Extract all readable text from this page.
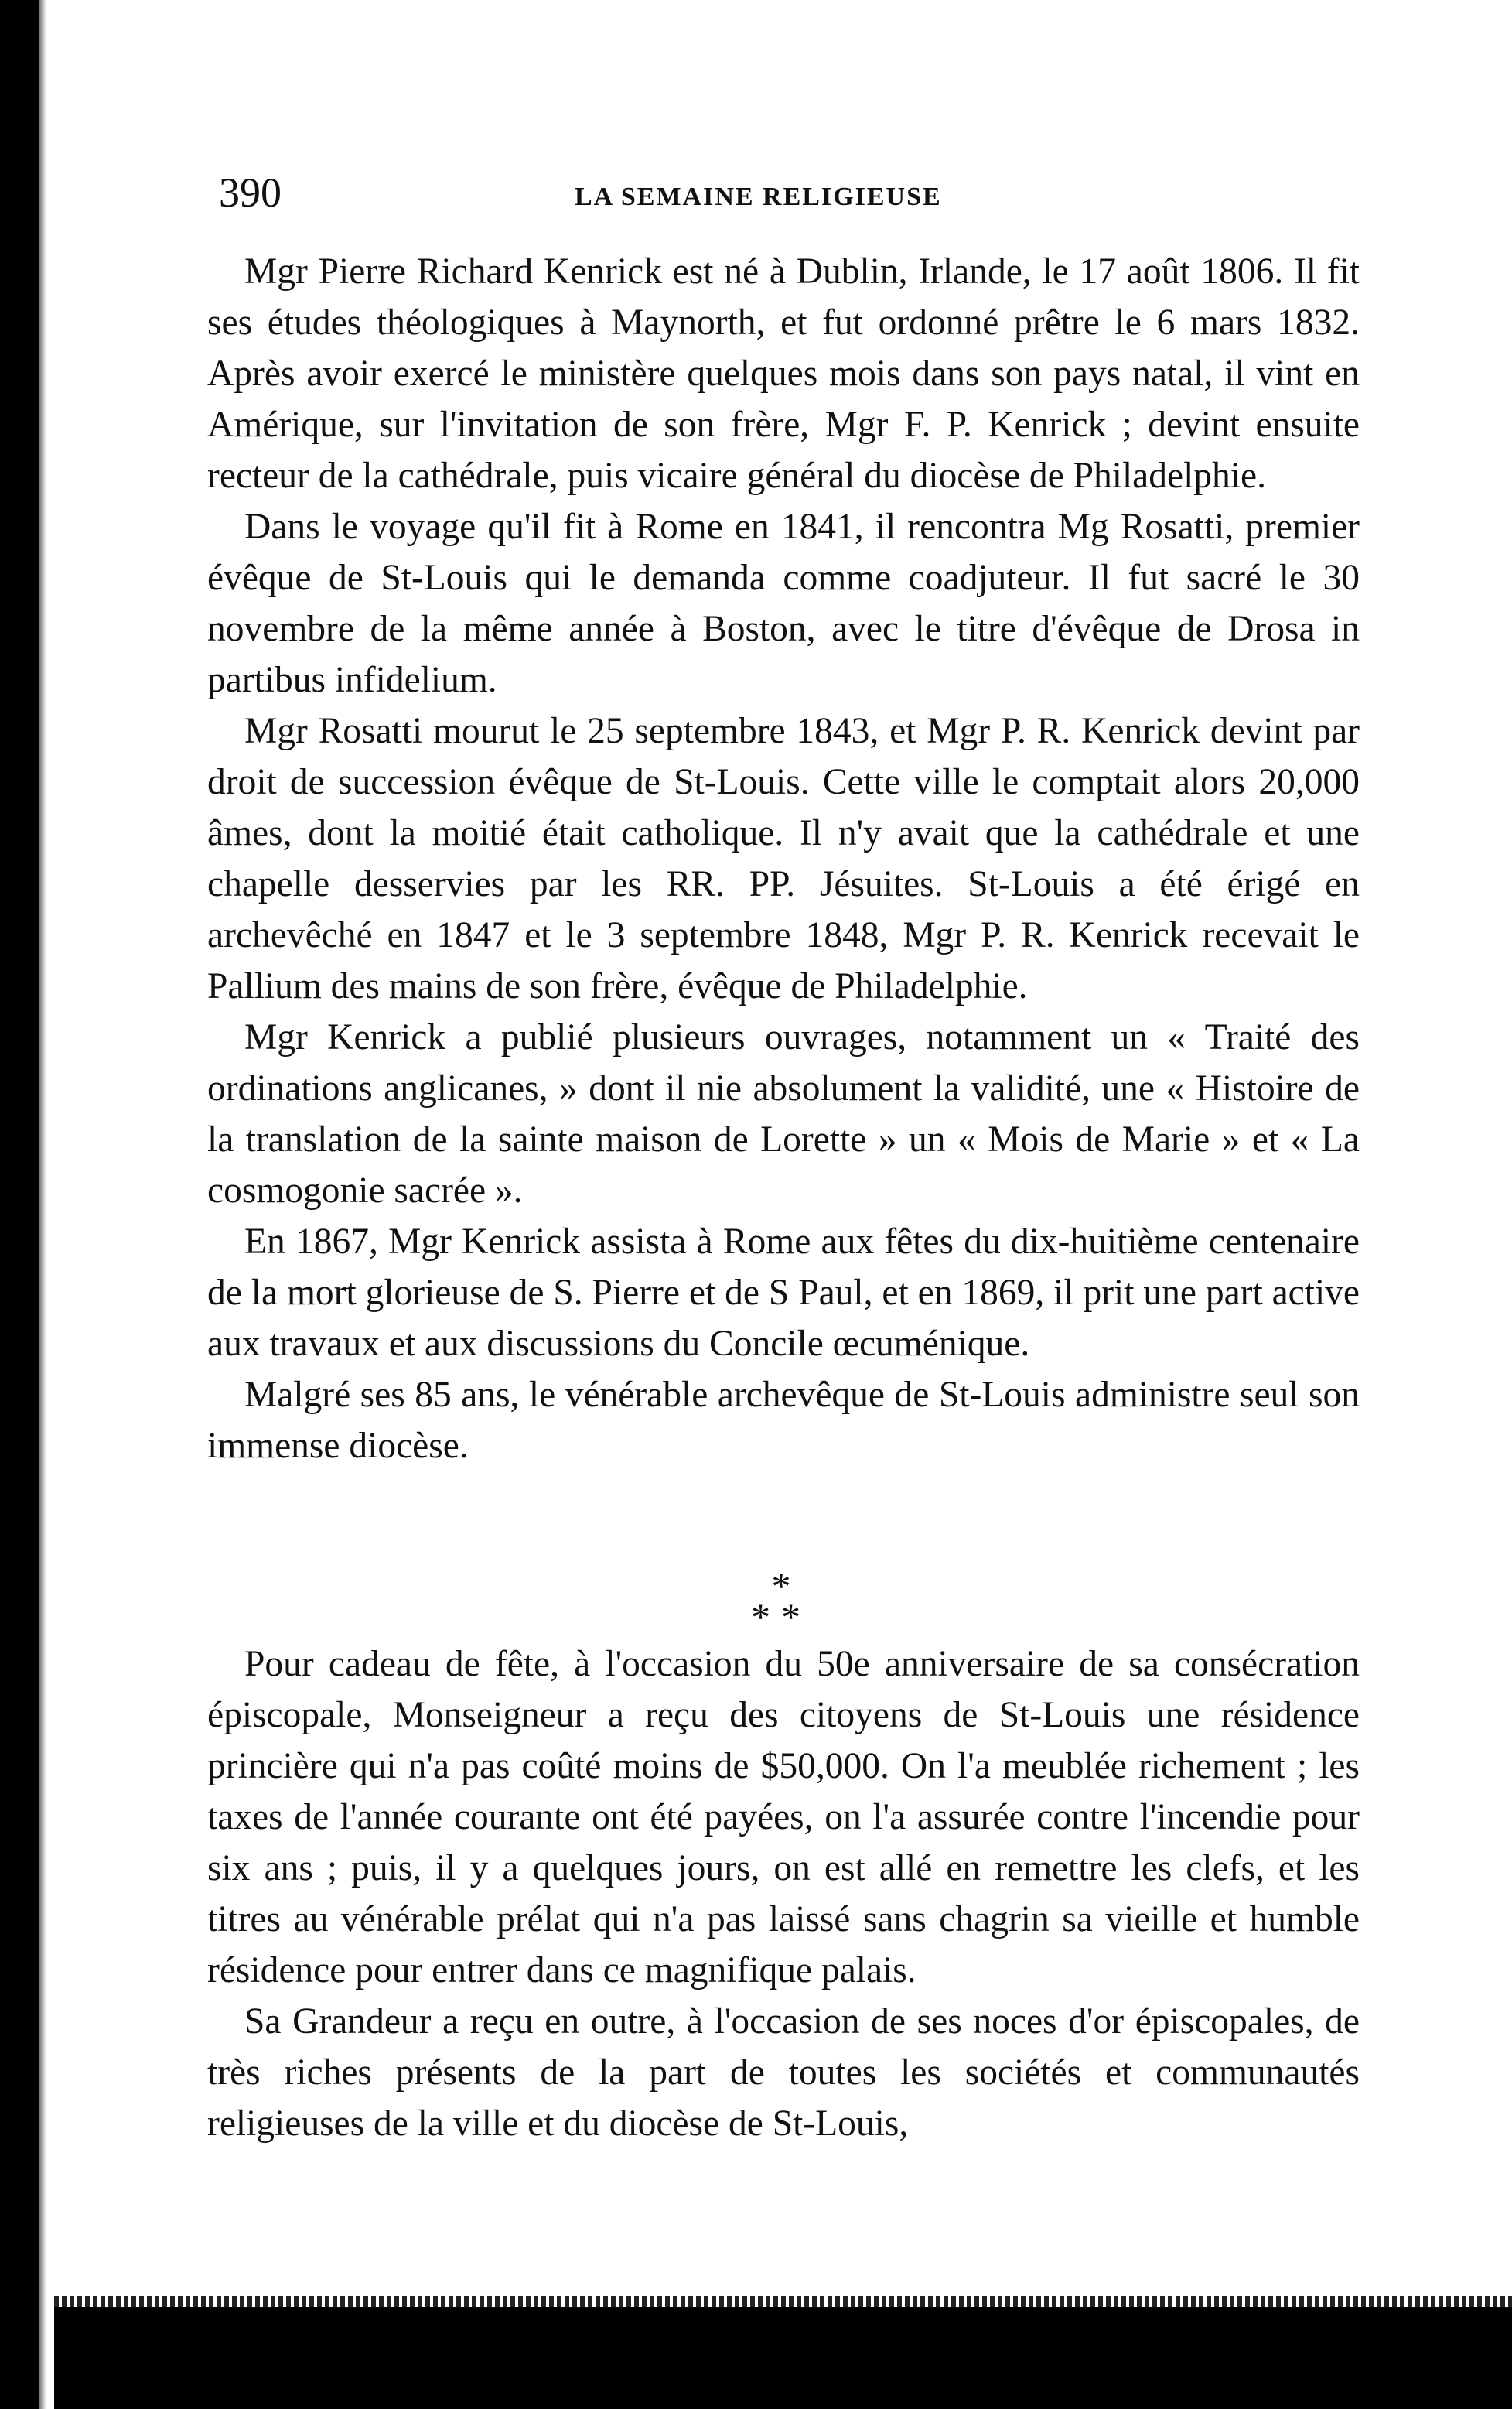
390	LA SEMAINE RELIGIEUSE

Mgr Pierre Richard Kenrick est né à Dublin, Irlande, le 17 août 1806. Il fit ses études théologiques à Maynorth, et fut ordonné prêtre le 6 mars 1832. Après avoir exercé le ministère quelques mois dans son pays natal, il vint en Amérique, sur l'invitation de son frère, Mgr F. P. Kenrick ; devint ensuite recteur de la cathédrale, puis vicaire général du diocèse de Philadelphie.

Dans le voyage qu'il fit à Rome en 1841, il rencontra Mg Rosatti, premier évêque de St-Louis qui le demanda comme coadjuteur. Il fut sacré le 30 novembre de la même année à Boston, avec le titre d'évêque de Drosa in partibus infidelium.

Mgr Rosatti mourut le 25 septembre 1843, et Mgr P. R. Kenrick devint par droit de succession évêque de St-Louis. Cette ville le comptait alors 20,000 âmes, dont la moitié était catholique. Il n'y avait que la cathédrale et une chapelle desservies par les RR. PP. Jésuites. St-Louis a été érigé en archevêché en 1847 et le 3 septembre 1848, Mgr P. R. Kenrick recevait le Pallium des mains de son frère, évêque de Philadelphie.

Mgr Kenrick a publié plusieurs ouvrages, notamment un « Traité des ordinations anglicanes, » dont il nie absolument la validité, une « Histoire de la translation de la sainte maison de Lorette » un « Mois de Marie » et « La cosmogonie sacrée ».

En 1867, Mgr Kenrick assista à Rome aux fêtes du dix-huitième centenaire de la mort glorieuse de S. Pierre et de S Paul, et en 1869, il prit une part active aux travaux et aux discussions du Concile œcuménique.

Malgré ses 85 ans, le vénérable archevêque de St-Louis administre seul son immense diocèse.

*
**

Pour cadeau de fête, à l'occasion du 50e anniversaire de sa consécration épiscopale, Monseigneur a reçu des citoyens de St-Louis une résidence princière qui n'a pas coûté moins de $50,000. On l'a meublée richement ; les taxes de l'année courante ont été payées, on l'a assurée contre l'incendie pour six ans ; puis, il y a quelques jours, on est allé en remettre les clefs, et les titres au vénérable prélat qui n'a pas laissé sans chagrin sa vieille et humble résidence pour entrer dans ce magnifique palais.

Sa Grandeur a reçu en outre, à l'occasion de ses noces d'or épiscopales, de très riches présents de la part de toutes les sociétés et communautés religieuses de la ville et du diocèse de St-Louis,
